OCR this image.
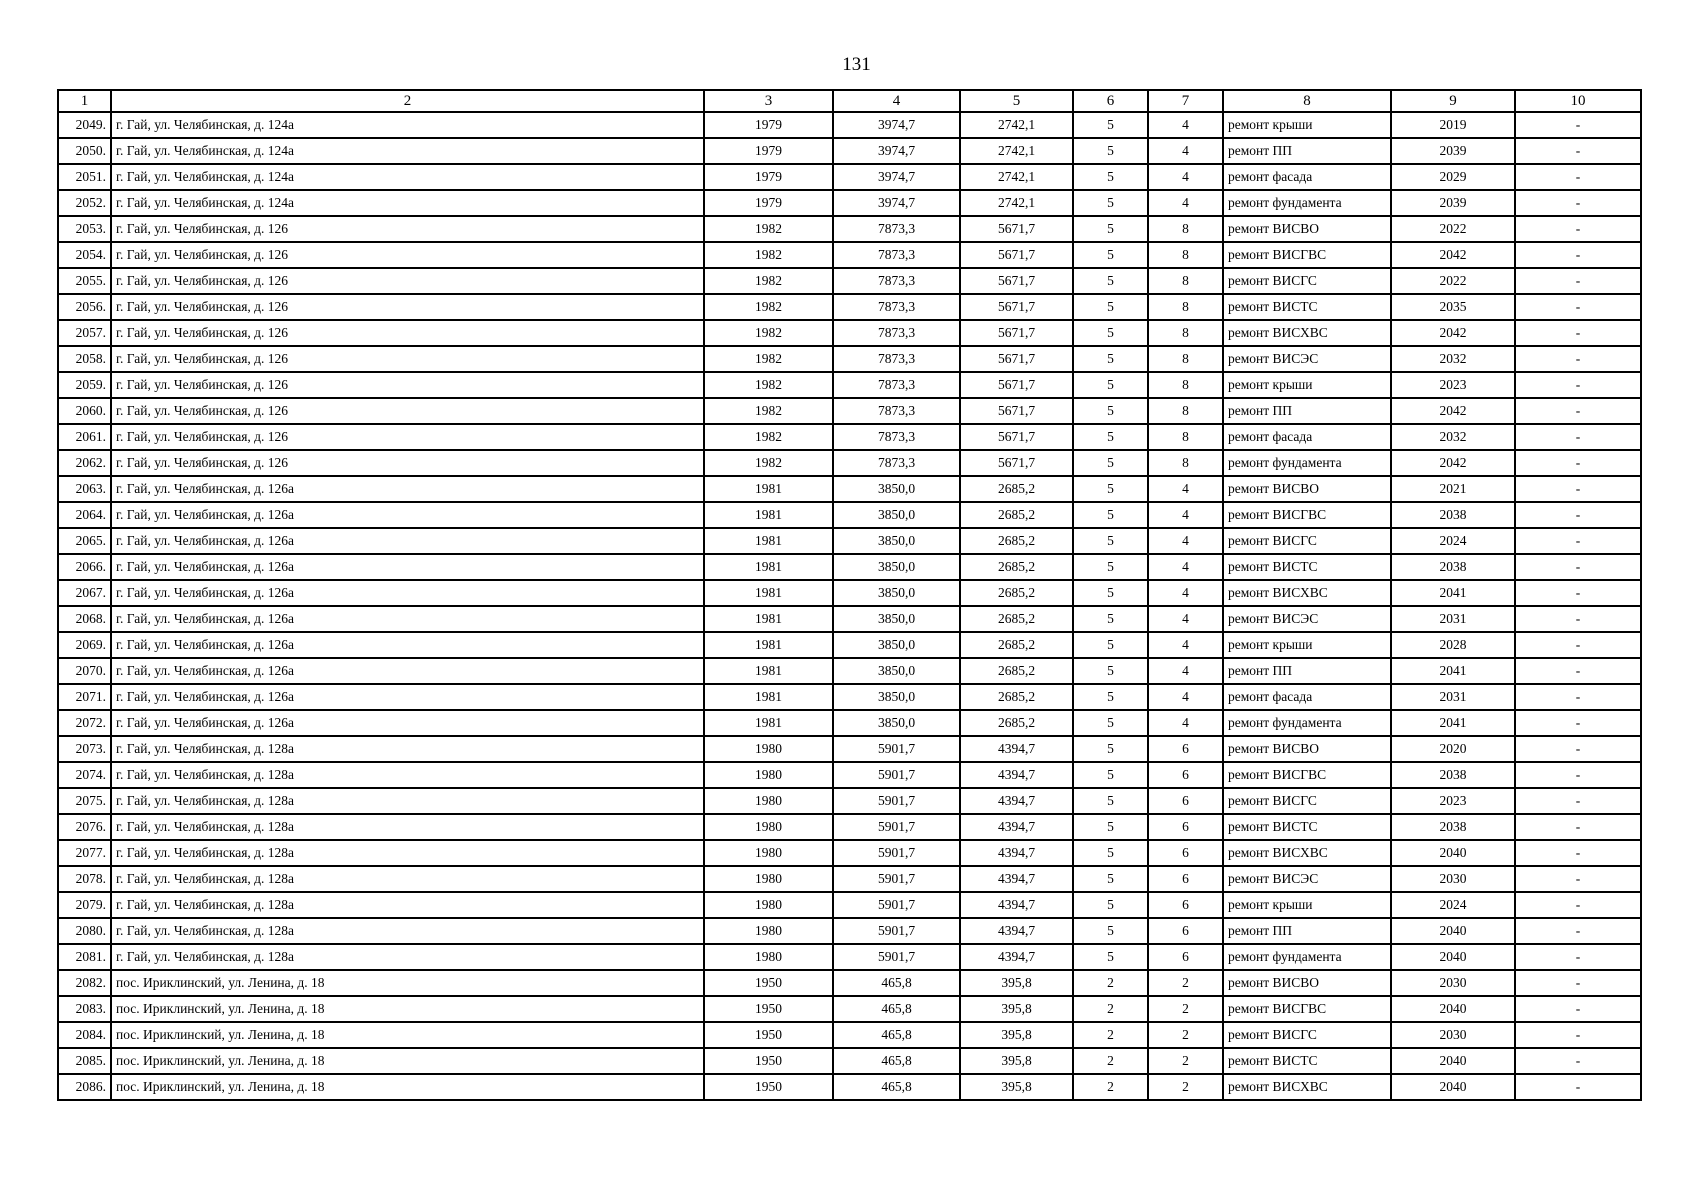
131
1	2	3	4	5	6	7	8	9	10
2049.	г. Гай, ул. Челябинская, д. 124а	1979	3974,7	2742,1	5	4	ремонт крыши	2019	-
2050.	г. Гай, ул. Челябинская, д. 124а	1979	3974,7	2742,1	5	4	ремонт ПП	2039	-
2051.	г. Гай, ул. Челябинская, д. 124а	1979	3974,7	2742,1	5	4	ремонт фасада	2029	-
2052.	г. Гай, ул. Челябинская, д. 124а	1979	3974,7	2742,1	5	4	ремонт фундамента	2039	-
2053.	г. Гай, ул. Челябинская, д. 126	1982	7873,3	5671,7	5	8	ремонт ВИСВО	2022	-
2054.	г. Гай, ул. Челябинская, д. 126	1982	7873,3	5671,7	5	8	ремонт ВИСГВС	2042	-
2055.	г. Гай, ул. Челябинская, д. 126	1982	7873,3	5671,7	5	8	ремонт ВИСГС	2022	-
2056.	г. Гай, ул. Челябинская, д. 126	1982	7873,3	5671,7	5	8	ремонт ВИСТС	2035	-
2057.	г. Гай, ул. Челябинская, д. 126	1982	7873,3	5671,7	5	8	ремонт ВИСХВС	2042	-
2058.	г. Гай, ул. Челябинская, д. 126	1982	7873,3	5671,7	5	8	ремонт ВИСЭС	2032	-
2059.	г. Гай, ул. Челябинская, д. 126	1982	7873,3	5671,7	5	8	ремонт крыши	2023	-
2060.	г. Гай, ул. Челябинская, д. 126	1982	7873,3	5671,7	5	8	ремонт ПП	2042	-
2061.	г. Гай, ул. Челябинская, д. 126	1982	7873,3	5671,7	5	8	ремонт фасада	2032	-
2062.	г. Гай, ул. Челябинская, д. 126	1982	7873,3	5671,7	5	8	ремонт фундамента	2042	-
2063.	г. Гай, ул. Челябинская, д. 126а	1981	3850,0	2685,2	5	4	ремонт ВИСВО	2021	-
2064.	г. Гай, ул. Челябинская, д. 126а	1981	3850,0	2685,2	5	4	ремонт ВИСГВС	2038	-
2065.	г. Гай, ул. Челябинская, д. 126а	1981	3850,0	2685,2	5	4	ремонт ВИСГС	2024	-
2066.	г. Гай, ул. Челябинская, д. 126а	1981	3850,0	2685,2	5	4	ремонт ВИСТС	2038	-
2067.	г. Гай, ул. Челябинская, д. 126а	1981	3850,0	2685,2	5	4	ремонт ВИСХВС	2041	-
2068.	г. Гай, ул. Челябинская, д. 126а	1981	3850,0	2685,2	5	4	ремонт ВИСЭС	2031	-
2069.	г. Гай, ул. Челябинская, д. 126а	1981	3850,0	2685,2	5	4	ремонт крыши	2028	-
2070.	г. Гай, ул. Челябинская, д. 126а	1981	3850,0	2685,2	5	4	ремонт ПП	2041	-
2071.	г. Гай, ул. Челябинская, д. 126а	1981	3850,0	2685,2	5	4	ремонт фасада	2031	-
2072.	г. Гай, ул. Челябинская, д. 126а	1981	3850,0	2685,2	5	4	ремонт фундамента	2041	-
2073.	г. Гай, ул. Челябинская, д. 128а	1980	5901,7	4394,7	5	6	ремонт ВИСВО	2020	-
2074.	г. Гай, ул. Челябинская, д. 128а	1980	5901,7	4394,7	5	6	ремонт ВИСГВС	2038	-
2075.	г. Гай, ул. Челябинская, д. 128а	1980	5901,7	4394,7	5	6	ремонт ВИСГС	2023	-
2076.	г. Гай, ул. Челябинская, д. 128а	1980	5901,7	4394,7	5	6	ремонт ВИСТС	2038	-
2077.	г. Гай, ул. Челябинская, д. 128а	1980	5901,7	4394,7	5	6	ремонт ВИСХВС	2040	-
2078.	г. Гай, ул. Челябинская, д. 128а	1980	5901,7	4394,7	5	6	ремонт ВИСЭС	2030	-
2079.	г. Гай, ул. Челябинская, д. 128а	1980	5901,7	4394,7	5	6	ремонт крыши	2024	-
2080.	г. Гай, ул. Челябинская, д. 128а	1980	5901,7	4394,7	5	6	ремонт ПП	2040	-
2081.	г. Гай, ул. Челябинская, д. 128а	1980	5901,7	4394,7	5	6	ремонт фундамента	2040	-
2082.	пос. Ириклинский, ул. Ленина, д. 18	1950	465,8	395,8	2	2	ремонт ВИСВО	2030	-
2083.	пос. Ириклинский, ул. Ленина, д. 18	1950	465,8	395,8	2	2	ремонт ВИСГВС	2040	-
2084.	пос. Ириклинский, ул. Ленина, д. 18	1950	465,8	395,8	2	2	ремонт ВИСГС	2030	-
2085.	пос. Ириклинский, ул. Ленина, д. 18	1950	465,8	395,8	2	2	ремонт ВИСТС	2040	-
2086.	пос. Ириклинский, ул. Ленина, д. 18	1950	465,8	395,8	2	2	ремонт ВИСХВС	2040	-
